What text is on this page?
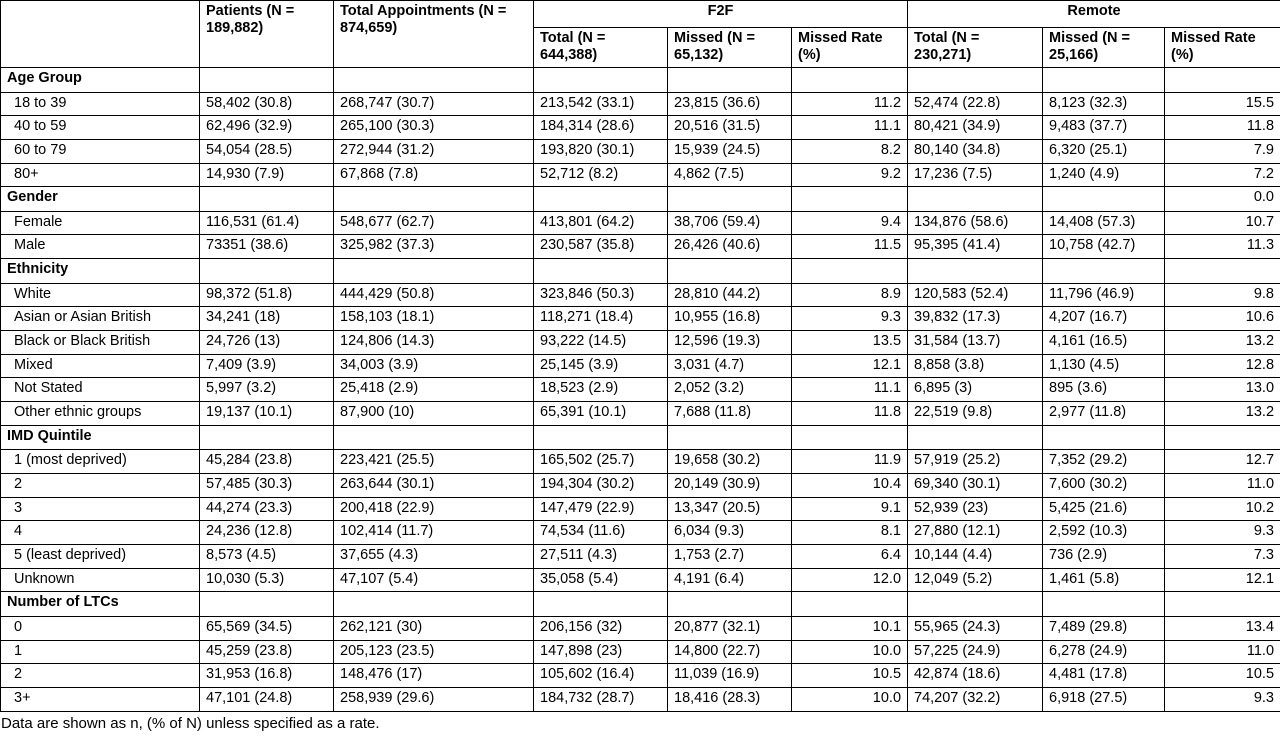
	Patients (N = 189,882)	Total Appointments (N = 874,659)	F2F			Remote		
			Total (N = 644,388)	Missed (N = 65,132)	Missed Rate (%)	Total (N = 230,271)	Missed (N = 25,166)	Missed Rate (%)
Age Group								
18 to 39	58,402 (30.8)	268,747 (30.7)	213,542 (33.1)	23,815 (36.6)	11.2	52,474 (22.8)	8,123 (32.3)	15.5
40 to 59	62,496 (32.9)	265,100 (30.3)	184,314 (28.6)	20,516 (31.5)	11.1	80,421 (34.9)	9,483 (37.7)	11.8
60 to 79	54,054 (28.5)	272,944 (31.2)	193,820 (30.1)	15,939 (24.5)	8.2	80,140 (34.8)	6,320 (25.1)	7.9
80+	14,930 (7.9)	67,868 (7.8)	52,712 (8.2)	4,862 (7.5)	9.2	17,236 (7.5)	1,240 (4.9)	7.2
Gender								0.0
Female	116,531 (61.4)	548,677 (62.7)	413,801 (64.2)	38,706 (59.4)	9.4	134,876 (58.6)	14,408 (57.3)	10.7
Male	73351 (38.6)	325,982 (37.3)	230,587 (35.8)	26,426 (40.6)	11.5	95,395 (41.4)	10,758 (42.7)	11.3
Ethnicity								
White	98,372 (51.8)	444,429 (50.8)	323,846 (50.3)	28,810 (44.2)	8.9	120,583 (52.4)	11,796 (46.9)	9.8
Asian or Asian British	34,241 (18)	158,103 (18.1)	118,271 (18.4)	10,955 (16.8)	9.3	39,832 (17.3)	4,207 (16.7)	10.6
Black or Black British	24,726 (13)	124,806 (14.3)	93,222 (14.5)	12,596 (19.3)	13.5	31,584 (13.7)	4,161 (16.5)	13.2
Mixed	7,409 (3.9)	34,003 (3.9)	25,145 (3.9)	3,031 (4.7)	12.1	8,858 (3.8)	1,130 (4.5)	12.8
Not Stated	5,997 (3.2)	25,418 (2.9)	18,523 (2.9)	2,052 (3.2)	11.1	6,895 (3)	895 (3.6)	13.0
Other ethnic groups	19,137 (10.1)	87,900 (10)	65,391 (10.1)	7,688 (11.8)	11.8	22,519 (9.8)	2,977 (11.8)	13.2
IMD Quintile								
1 (most deprived)	45,284 (23.8)	223,421 (25.5)	165,502 (25.7)	19,658 (30.2)	11.9	57,919 (25.2)	7,352 (29.2)	12.7
2	57,485 (30.3)	263,644 (30.1)	194,304 (30.2)	20,149 (30.9)	10.4	69,340 (30.1)	7,600 (30.2)	11.0
3	44,274 (23.3)	200,418 (22.9)	147,479 (22.9)	13,347 (20.5)	9.1	52,939 (23)	5,425 (21.6)	10.2
4	24,236 (12.8)	102,414 (11.7)	74,534 (11.6)	6,034 (9.3)	8.1	27,880 (12.1)	2,592 (10.3)	9.3
5 (least deprived)	8,573 (4.5)	37,655 (4.3)	27,511 (4.3)	1,753 (2.7)	6.4	10,144 (4.4)	736 (2.9)	7.3
Unknown	10,030 (5.3)	47,107 (5.4)	35,058 (5.4)	4,191 (6.4)	12.0	12,049 (5.2)	1,461 (5.8)	12.1
Number of LTCs								
0	65,569 (34.5)	262,121 (30)	206,156 (32)	20,877 (32.1)	10.1	55,965 (24.3)	7,489 (29.8)	13.4
1	45,259 (23.8)	205,123 (23.5)	147,898 (23)	14,800 (22.7)	10.0	57,225 (24.9)	6,278 (24.9)	11.0
2	31,953 (16.8)	148,476 (17)	105,602 (16.4)	11,039 (16.9)	10.5	42,874 (18.6)	4,481 (17.8)	10.5
3+	47,101 (24.8)	258,939 (29.6)	184,732 (28.7)	18,416 (28.3)	10.0	74,207 (32.2)	6,918 (27.5)	9.3
Data are shown as n, (% of N) unless specified as a rate.
